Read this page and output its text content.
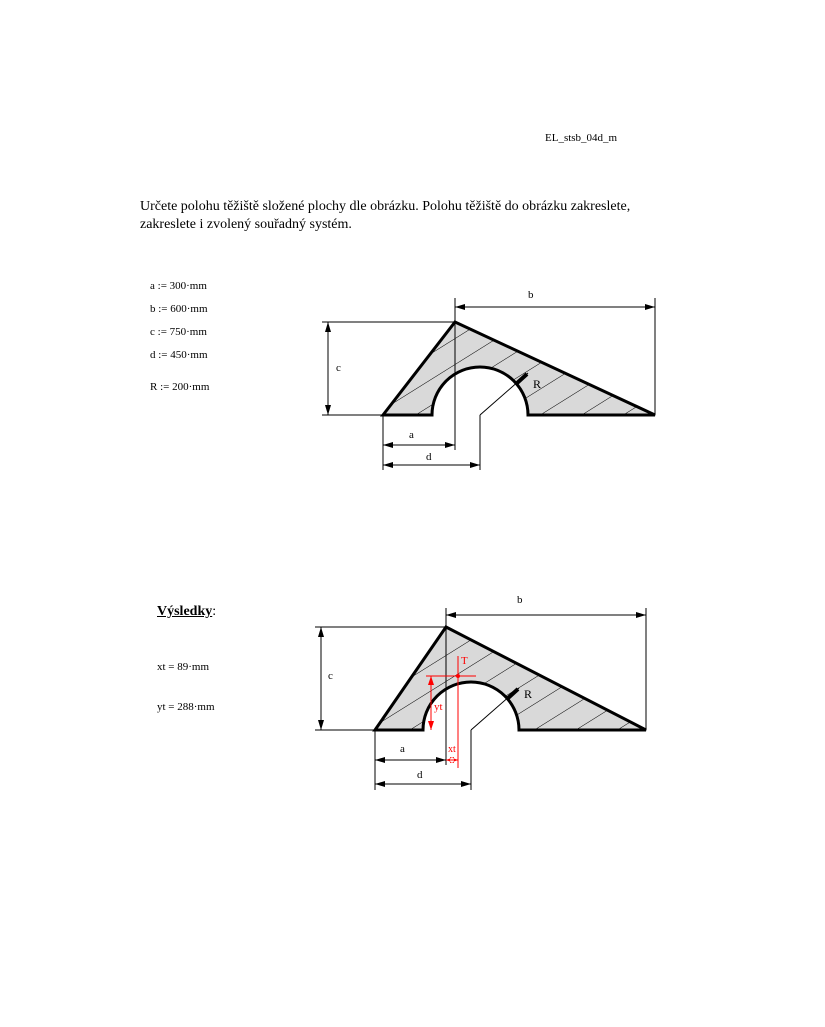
EL_stsb_04d_m
Určete polohu těžiště složené plochy dle obrázku. Polohu těžiště do obrázku zakreslete,
zakreslete i zvolený souřadný systém.
a := 300·mm
b := 600·mm
c := 750·mm
d := 450·mm
R := 200·mm
b
c
a
d
R
Výsledky:
xt = 89·mm
yt = 288·mm
b
c
a
d
R
T
yt
xt
